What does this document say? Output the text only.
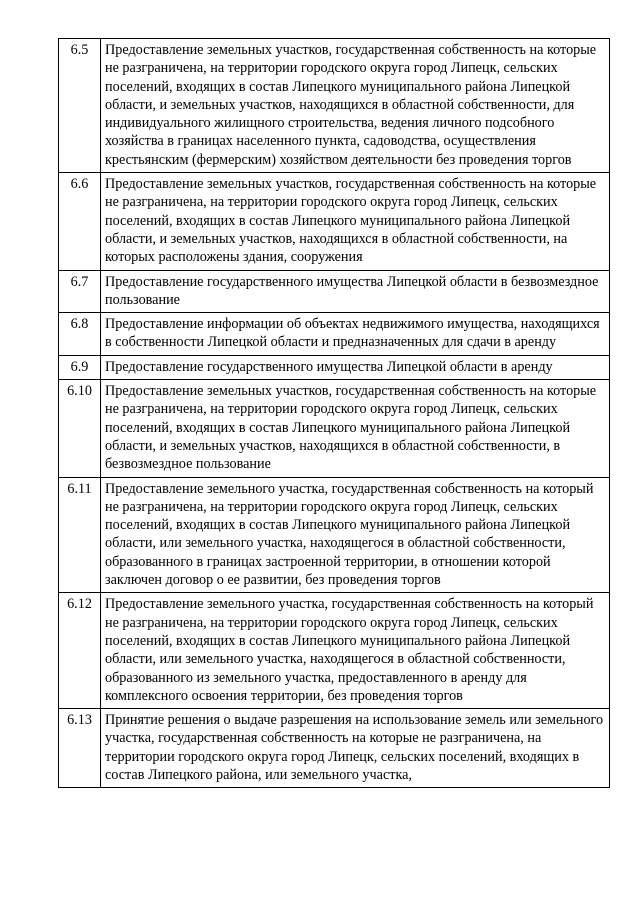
6.5	Предоставление земельных участков, государственная собственность на которые не разграничена, на территории городского округа город Липецк, сельских поселений, входящих в состав Липецкого муниципального района Липецкой области, и земельных участков, находящихся в областной собственности, для индивидуального жилищного строительства, ведения личного подсобного хозяйства в границах населенного пункта, садоводства, осуществления крестьянским (фермерским) хозяйством деятельности без проведения торгов
6.6	Предоставление земельных участков, государственная собственность на которые не разграничена, на территории городского округа город Липецк, сельских поселений, входящих в состав Липецкого муниципального района Липецкой области, и земельных участков, находящихся в областной собственности, на которых расположены здания, сооружения
6.7	Предоставление государственного имущества Липецкой области в безвозмездное пользование
6.8	Предоставление информации об объектах недвижимого имущества, находящихся в собственности Липецкой области и предназначенных для сдачи в аренду
6.9	Предоставление государственного имущества Липецкой области в аренду
6.10	Предоставление земельных участков, государственная собственность на которые не разграничена, на территории городского округа город Липецк, сельских поселений, входящих в состав Липецкого муниципального района Липецкой области, и земельных участков, находящихся в областной собственности, в безвозмездное пользование
6.11	Предоставление земельного участка, государственная собственность на который не разграничена, на территории городского округа город Липецк, сельских поселений, входящих в состав Липецкого муниципального района Липецкой области, или земельного участка, находящегося в областной собственности, образованного в границах застроенной территории, в отношении которой заключен договор о ее развитии, без проведения торгов
6.12	Предоставление земельного участка, государственная собственность на который не разграничена, на территории городского округа город Липецк, сельских поселений, входящих в состав Липецкого муниципального района Липецкой области, или земельного участка, находящегося в областной собственности, образованного из земельного участка, предоставленного в аренду для комплексного освоения территории, без проведения торгов
6.13	Принятие решения о выдаче разрешения на использование земель или земельного участка, государственная собственность на которые не разграничена, на территории городского округа город Липецк, сельских поселений, входящих в состав Липецкого района, или земельного участка,
